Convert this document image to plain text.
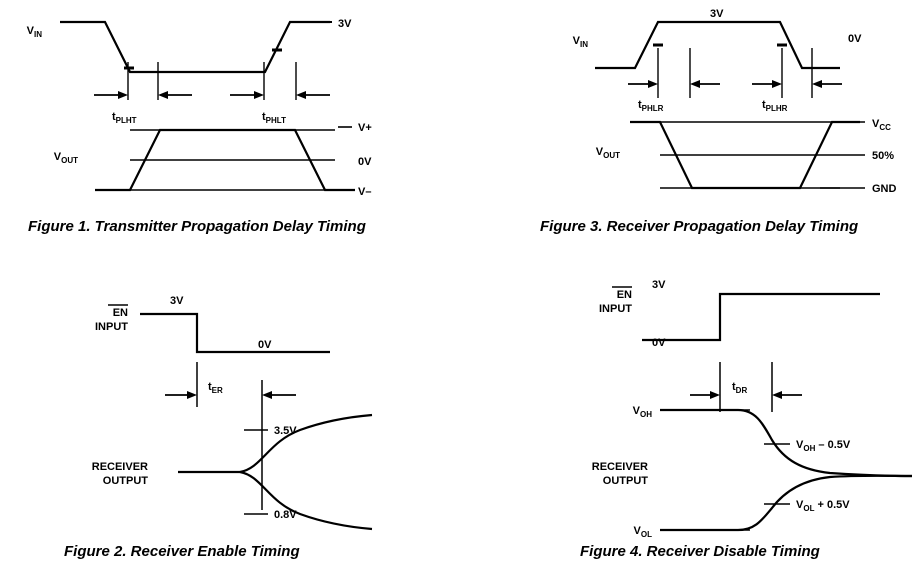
$V_{IN}$
$V_{OUT}$
3V
V+
0V
V–
$t_{PLHT}$	$t_{PHLT}$
Figure 1. Transmitter Propagation Delay Timing
$V_{IN}$
$V_{OUT}$
3V
0V
$V_{CC}$
50%
GND
$t_{PHLR}$	$t_{PLHR}$
Figure 3. Receiver Propagation Delay Timing
EN
INPUT
3V
0V
$t_{ER}$
3.5V
0.8V
RECEIVER
OUTPUT
Figure 2. Receiver Enable Timing
EN
INPUT
3V
0V
$t_{DR}$
$V_{OH}$
$V_{OL}$
$V_{OH} - 0.5V$
$V_{OL} + 0.5V$
RECEIVER
OUTPUT
Figure 4. Receiver Disable Timing
